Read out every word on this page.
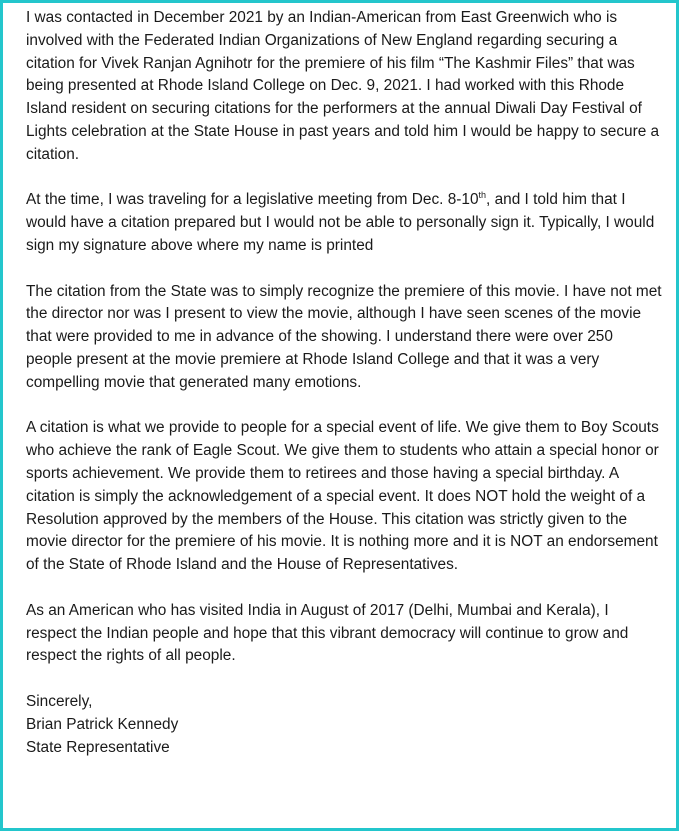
I was contacted in December 2021 by an Indian-American from East Greenwich who is involved with the Federated Indian Organizations of New England regarding securing a citation for Vivek Ranjan Agnihotr for the premiere of his film “The Kashmir Files” that was being presented at Rhode Island College on Dec. 9, 2021. I had worked with this Rhode Island resident on securing citations for the performers at the annual Diwali Day Festival of Lights celebration at the State House in past years and told him I would be happy to secure a citation.

At the time, I was traveling for a legislative meeting from Dec. 8-10th, and I told him that I would have a citation prepared but I would not be able to personally sign it. Typically, I would sign my signature above where my name is printed

The citation from the State was to simply recognize the premiere of this movie. I have not met the director nor was I present to view the movie, although I have seen scenes of the movie that were provided to me in advance of the showing. I understand there were over 250 people present at the movie premiere at Rhode Island College and that it was a very compelling movie that generated many emotions.

A citation is what we provide to people for a special event of life. We give them to Boy Scouts who achieve the rank of Eagle Scout. We give them to students who attain a special honor or sports achievement. We provide them to retirees and those having a special birthday. A citation is simply the acknowledgement of a special event. It does NOT hold the weight of a Resolution approved by the members of the House. This citation was strictly given to the movie director for the premiere of his movie. It is nothing more and it is NOT an endorsement of the State of Rhode Island and the House of Representatives.

As an American who has visited India in August of 2017 (Delhi, Mumbai and Kerala), I respect the Indian people and hope that this vibrant democracy will continue to grow and respect the rights of all people.

Sincerely,

Brian Patrick Kennedy

State Representative
